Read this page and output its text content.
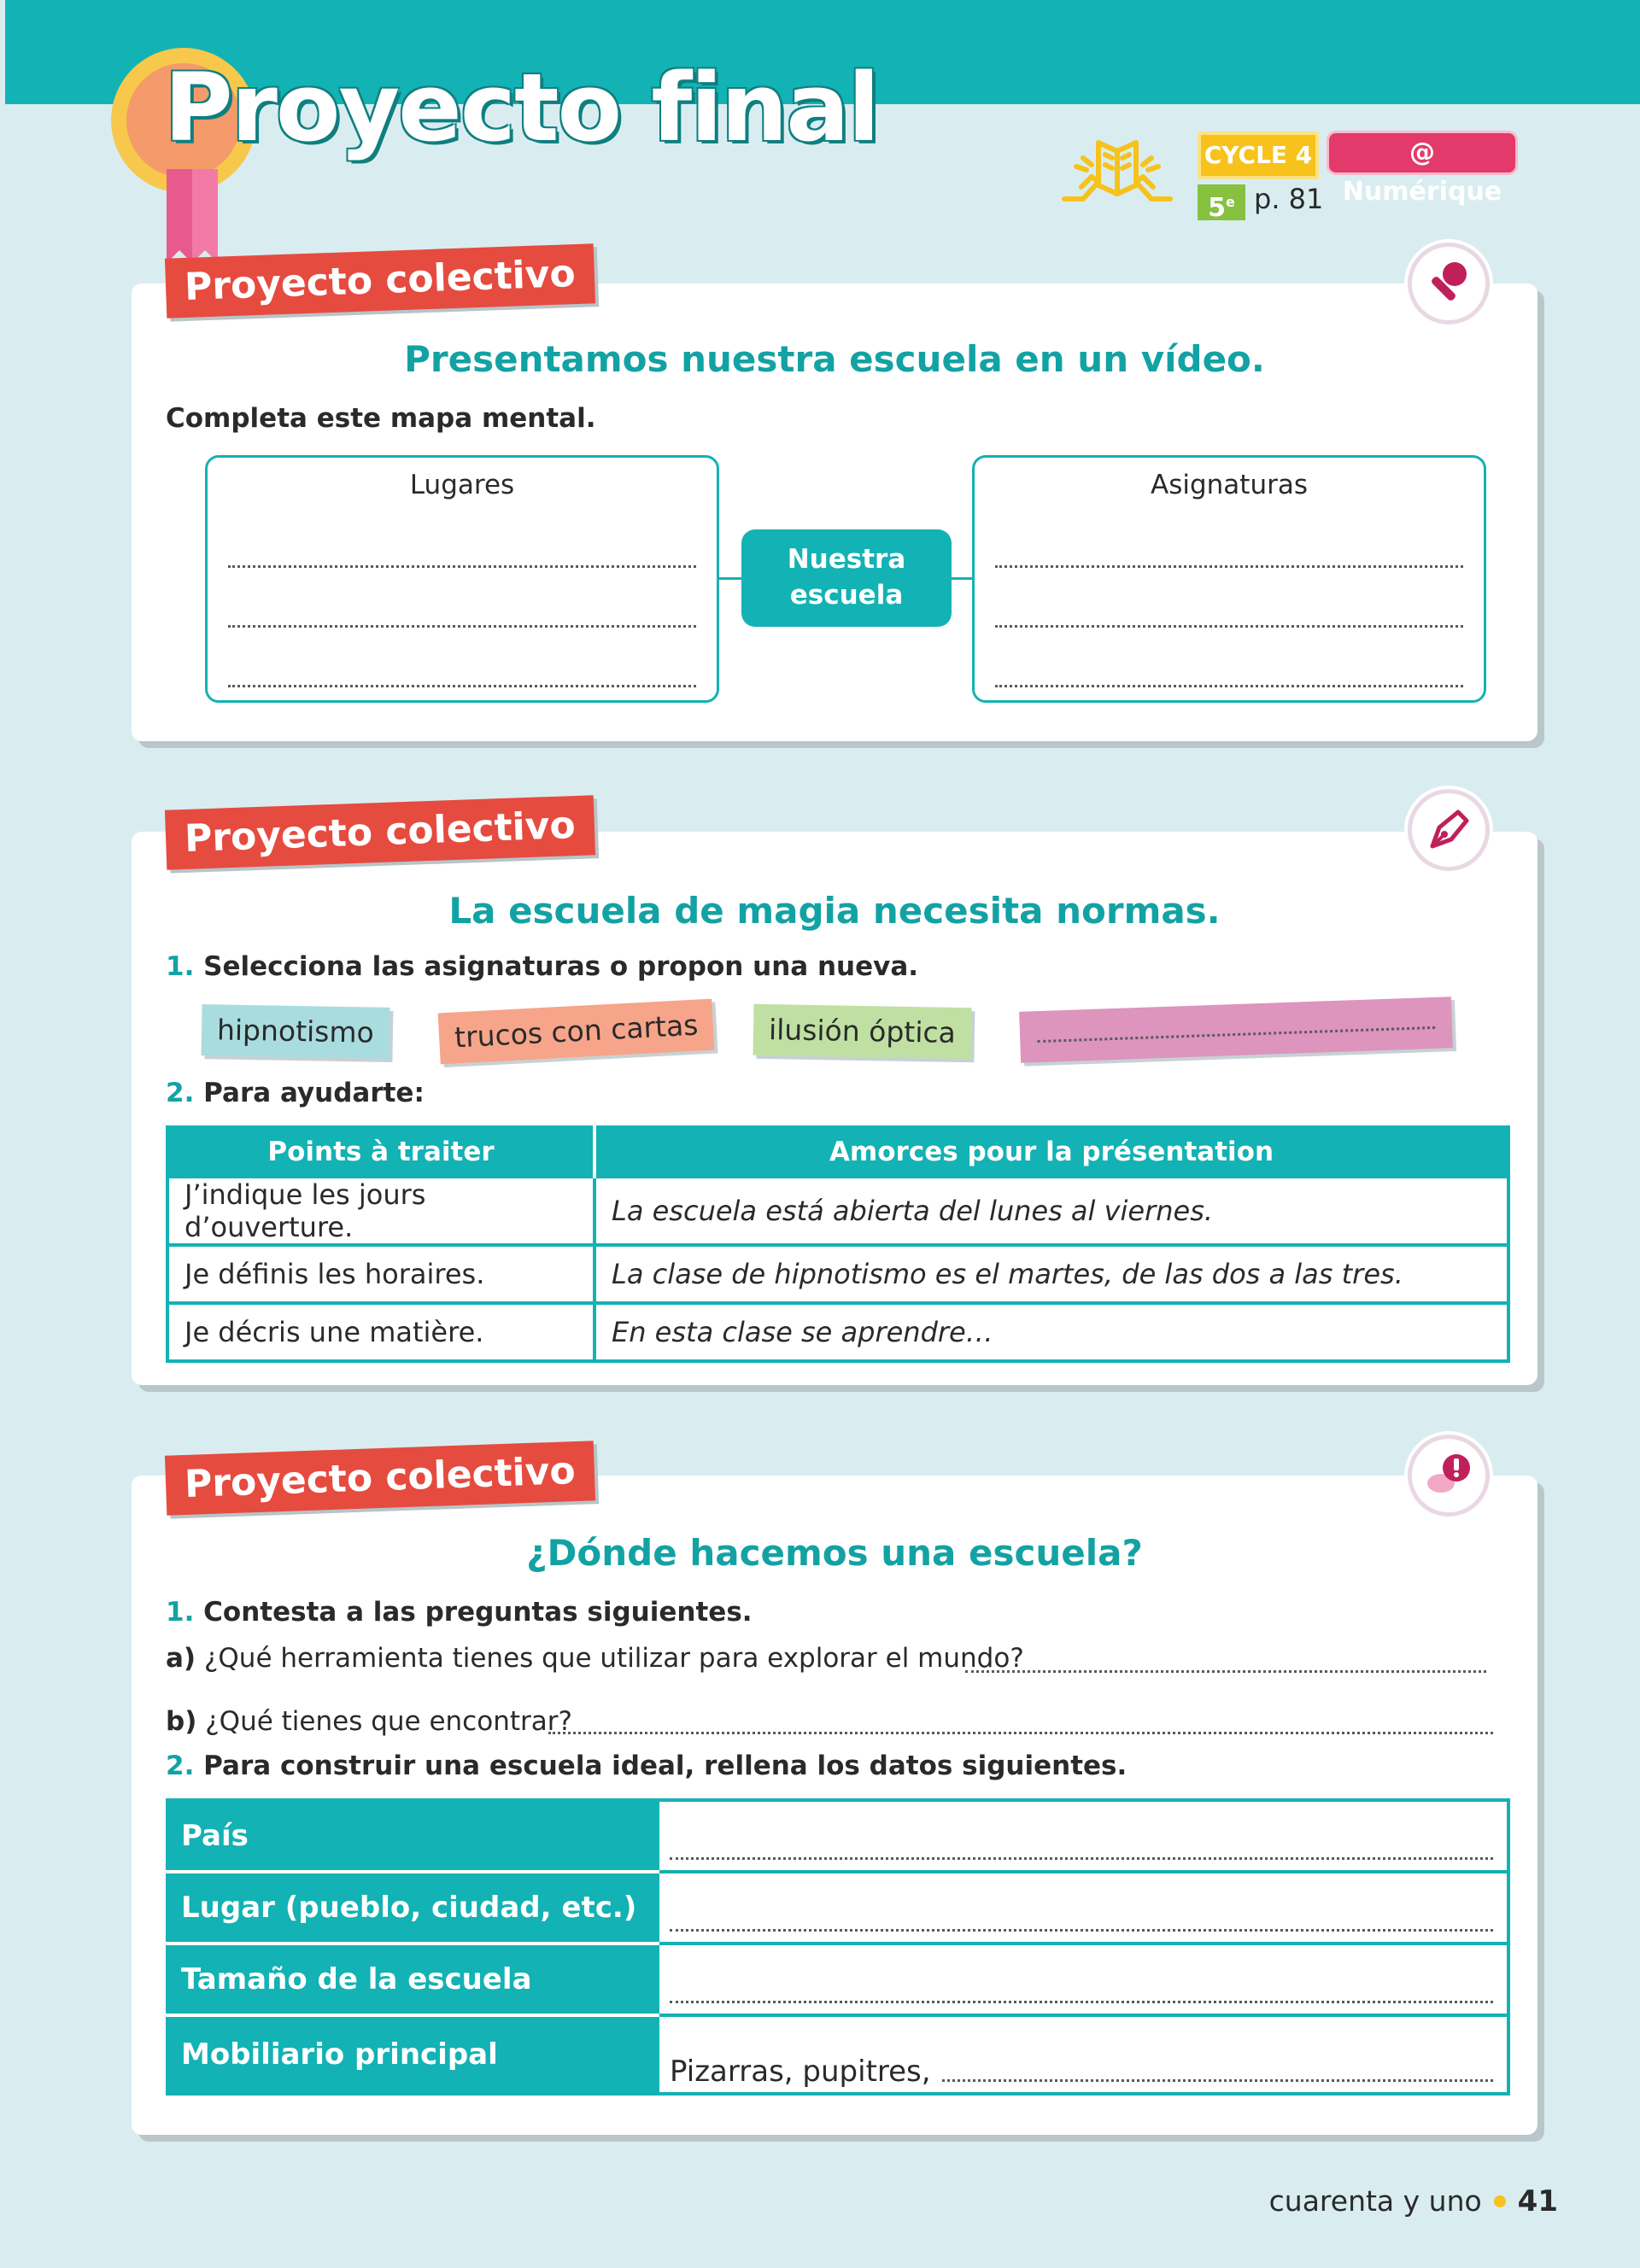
Proyecto final	CYCLE 4	@ Numérique
5e p. 81
Presentamos nuestra escuela en un vídeo.
Completa este mapa mental.
Proyecto colectivo
Lugares
Nuestra
escuela
Asignaturas
La escuela de magia necesita normas.
1. Selecciona las asignaturas o propon una nueva.
2. Para ayudarte:
Proyecto colectivo
hipnotismo	trucos con cartas	ilusión óptica
Points à traiter	Amorces pour la présentation
J’indique les jours d’ouverture.	La escuela está abierta del lunes al viernes.
Je définis les horaires.	La clase de hipnotismo es el martes, de las dos a las tres.
Je décris une matière.	En esta clase se aprendre…
¿Dónde hacemos una escuela?
1. Contesta a las preguntas siguientes.
2. Para construir una escuela ideal, rellena los datos siguientes.
Proyecto colectivo
a) ¿Qué herramienta tienes que utilizar para explorar el mundo?
b) ¿Qué tienes que encontrar?
País	

Lugar (pueblo, ciudad, etc.)	

Tamaño de la escuela	

Mobiliario principal	Pizarras, pupitres,
cuarenta y uno 41
